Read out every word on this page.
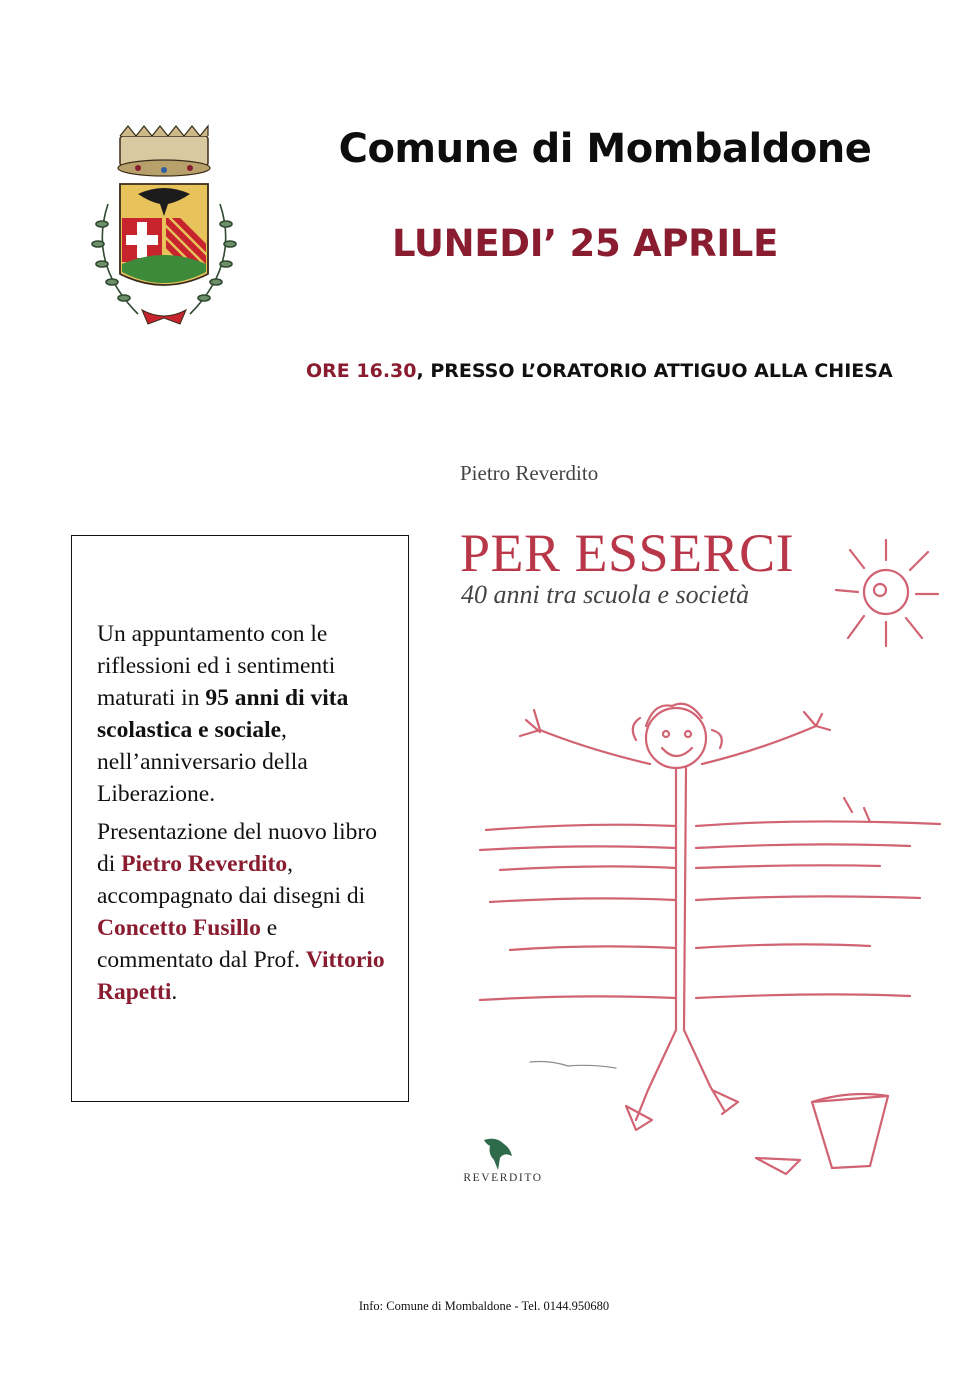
Comune di Mombaldone
LUNEDI’ 25 APRILE
ORE 16.30, PRESSO L’ORATORIO ATTIGUO ALLA CHIESA

Un appuntamento con le riflessioni ed i sentimenti maturati in 95 anni di vita scolastica e sociale, nell’anniversario della Liberazione.

Presentazione del nuovo libro di Pietro Reverdito, accompagnato dai disegni di Concetto Fusillo e commentato dal Prof. Vittorio Rapetti.

Pietro Reverdito
PER ESSERCI
40 anni tra scuola e società
REVERDITO
Info: Comune di Mombaldone - Tel. 0144.950680
